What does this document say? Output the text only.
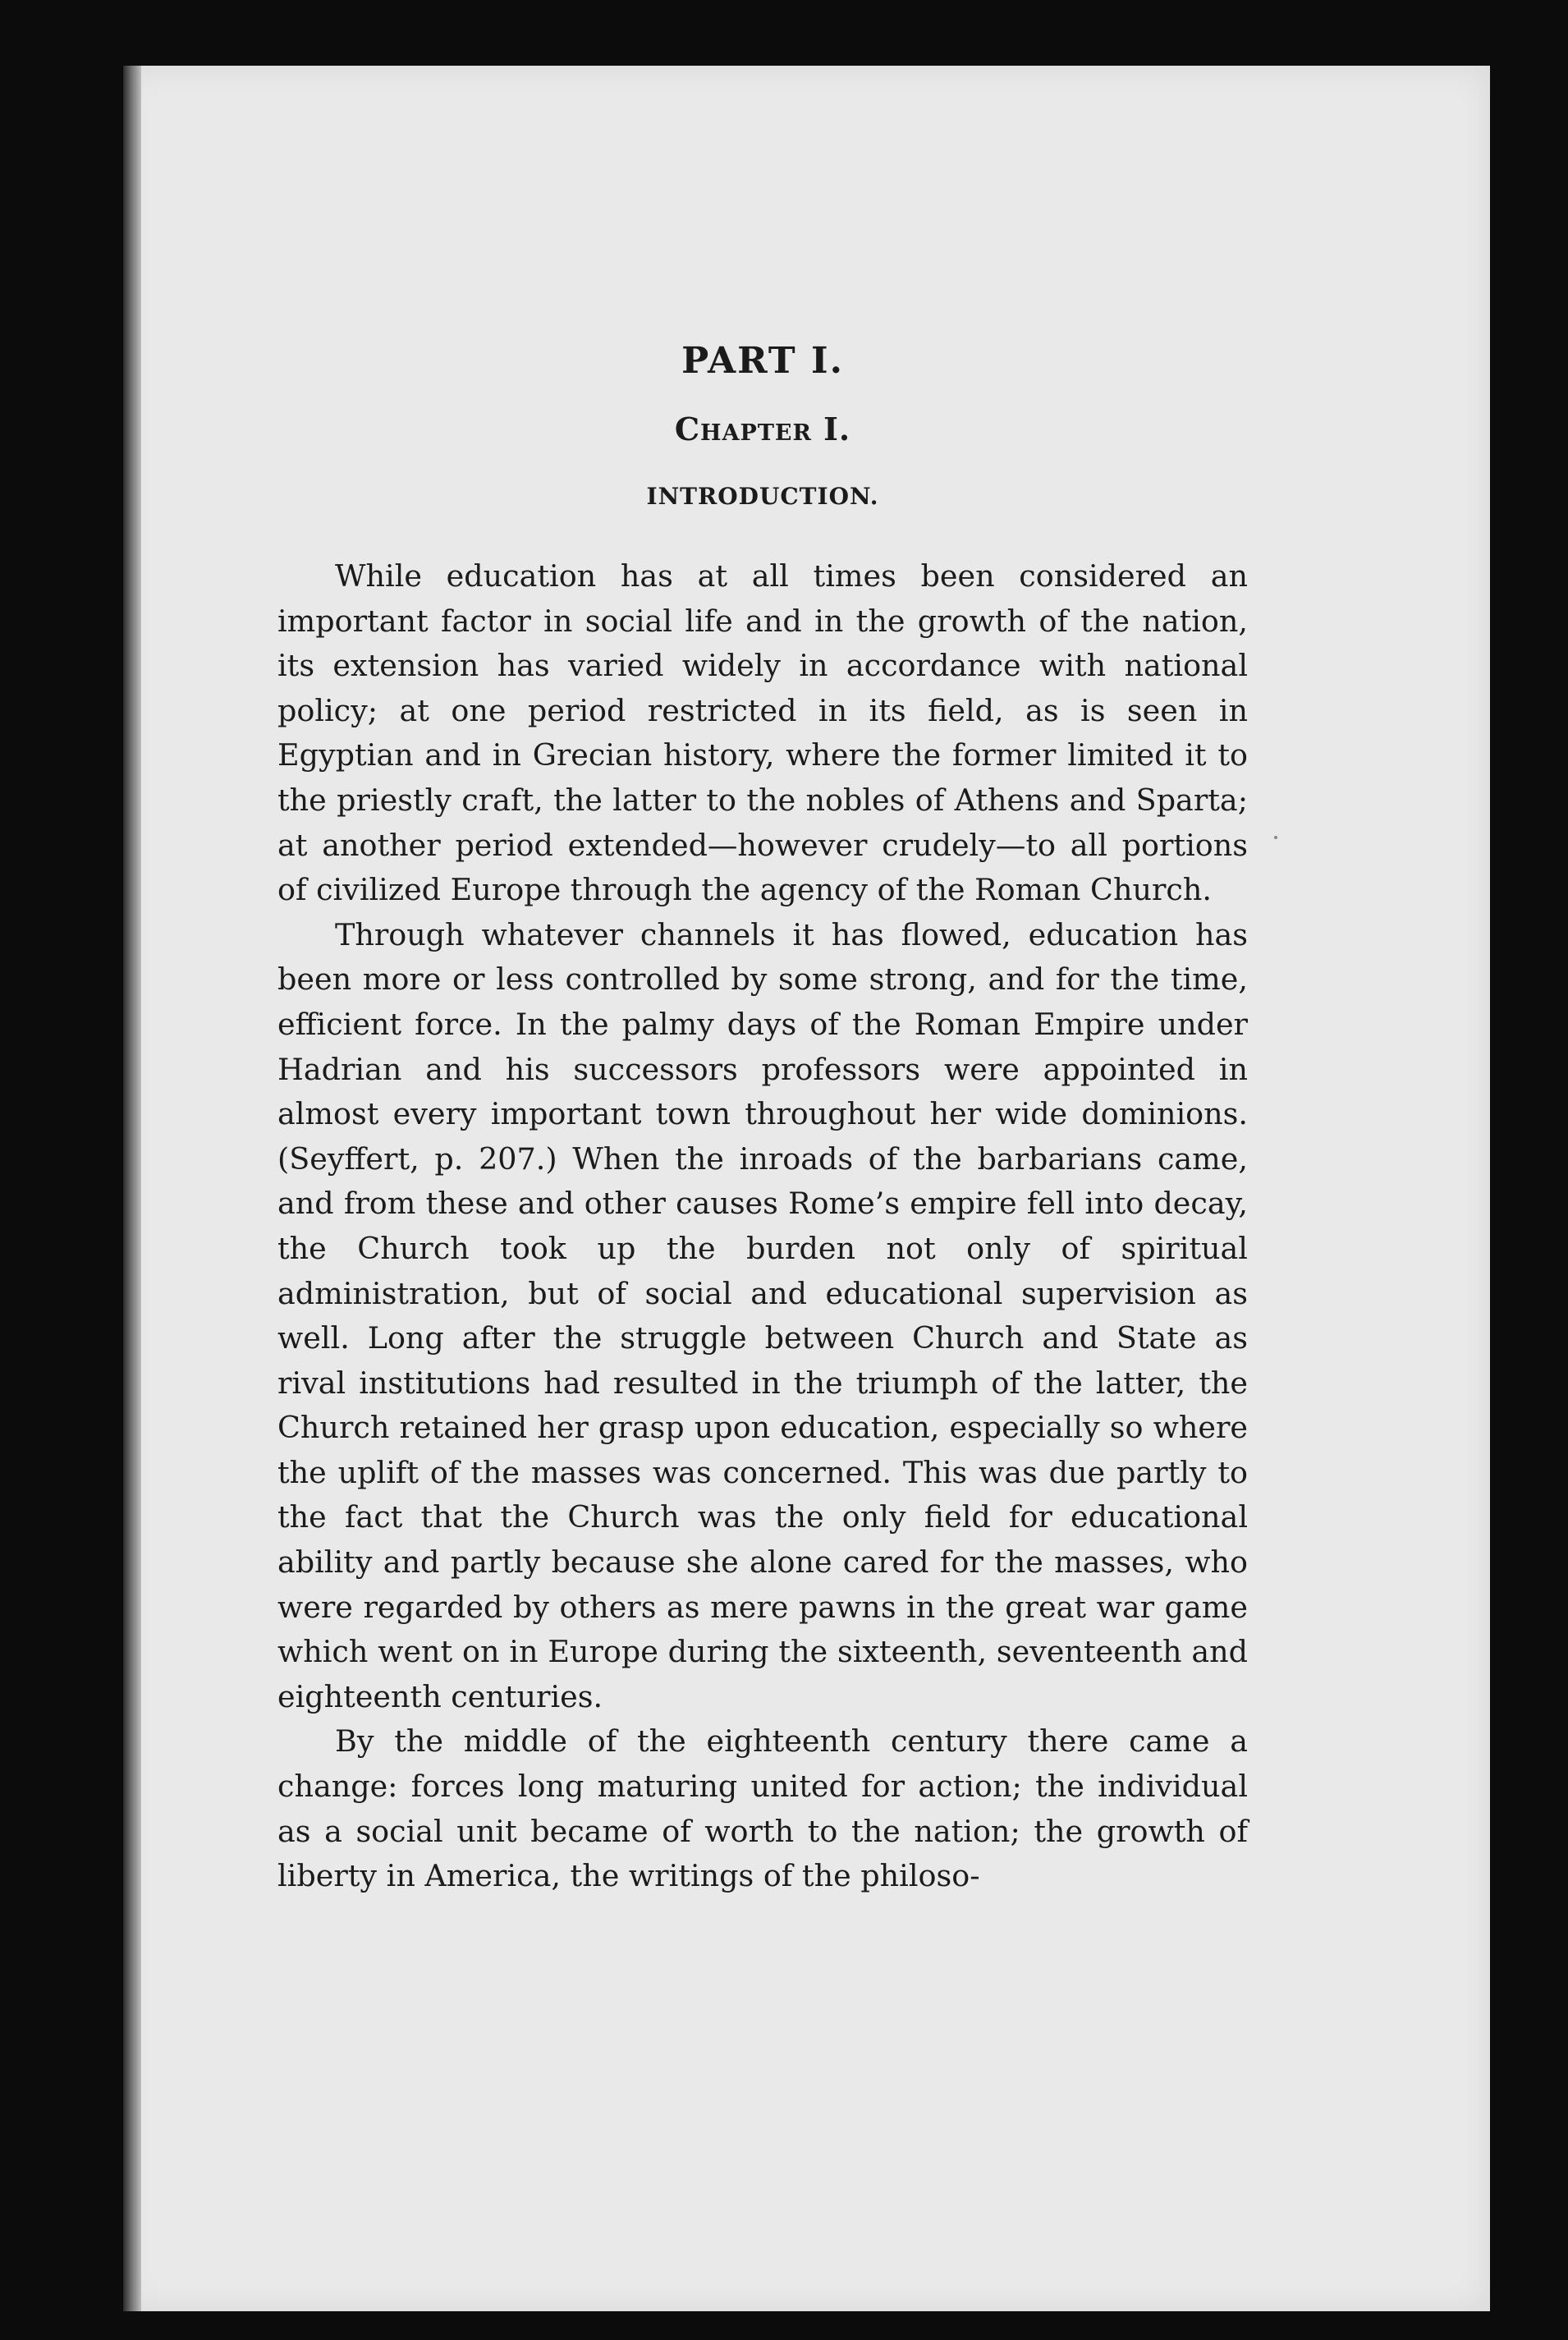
PART I.
Chapter I.
INTRODUCTION.

While education has at all times been considered an important factor in social life and in the growth of the nation, its extension has varied widely in accordance with national policy; at one period restricted in its field, as is seen in Egyptian and in Grecian history, where the former limited it to the priestly craft, the latter to the nobles of Athens and Sparta; at another period extended—however crudely—to all portions of civilized Europe through the agency of the Roman Church.

Through whatever channels it has flowed, education has been more or less controlled by some strong, and for the time, efficient force. In the palmy days of the Roman Empire under Hadrian and his successors professors were appointed in almost every important town throughout her wide dominions. (Seyffert, p. 207.) When the inroads of the barbarians came, and from these and other causes Rome’s empire fell into decay, the Church took up the burden not only of spiritual administration, but of social and educational supervision as well. Long after the struggle between Church and State as rival institutions had resulted in the triumph of the latter, the Church retained her grasp upon education, especially so where the uplift of the masses was concerned. This was due partly to the fact that the Church was the only field for educational ability and partly because she alone cared for the masses, who were regarded by others as mere pawns in the great war game which went on in Europe during the sixteenth, seventeenth and eighteenth centuries.

By the middle of the eighteenth century there came a change: forces long maturing united for action; the individual as a social unit became of worth to the nation; the growth of liberty in America, the writings of the philoso-
